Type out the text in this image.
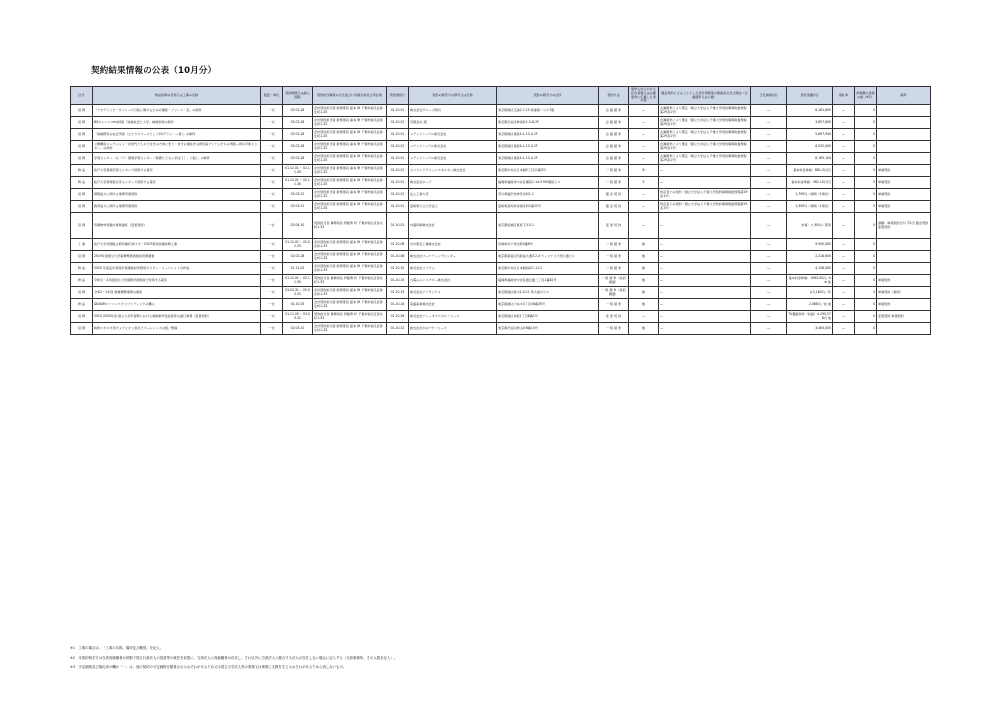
契約結果情報の公表（10月分）
区分	物品役務の名称又は工事の名称	数量・単位	契約期間又は納入期限	契約担当職員の氏名並びに所属名称及び所在地	契約締結日	契約の相手方の商号又は名称	契約の相手方の住所	契約方法	競争入札における応札者数又は企画競争に応募した者の数	随意契約によることとした会計規程等の根拠条文及び理由（企画競争又は公募）	予定価格(円)	契約金額(円)	落札率	再就職の役員の数（※2）	備考
役 務	「アカデミック・サイレージ行政に関するための調査・ブリーフ・会」の制作	一式	02.02.28	会計契約担当者 財務部長 藤本 修 千葉市稲毛区弥生町1-33	01.10.01	株式会社グループ関内	東京都港区芝浦2-7-15 新浦第一ビル7階	企 画 競 争	—	企画競争により選定（国立大学法人千葉大学契約事務取扱規程第29条1号）	—	6,181,800	—	0	
役 務	BSキャンパスmy特集「地域社会と大学」映像制作の制作	一式	02.02.28	会計契約担当者 財務部長 藤本 修 千葉市稲毛区弥生町1-33	01.10.01	有限会社 翔	東京都渋谷区神南町1-5-8-2F	企 画 競 争	—	企画競争により選定（国立大学法人千葉大学契約事務取扱規程第29条1号）	—	3,657,600	—	0	
役 務	「地域研究の社会実装（ひとりでコースとしてLGグラム・ー貢）」の制作	一式	02.02.28	会計契約担当者 財務部長 藤本 修 千葉市稲毛区弥生町1-33	01.10.01	メディアノーテル株式会社	東京都港区東新4-1-12-4 2F	企 画 競 争	—	企画競争により選定（国立大学法人千葉大学契約事務取扱規程第29条1号）	—	5,697,944	—	0	
役 務	公開講座セレクション「次世代と人々で生きの方向に至り・自分の道を作る研究室アイテムたちの実践ー貢の平和センター」の制作	一式	02.02.28	会計契約担当者 財務部長 藤本 修 千葉市稲毛区弥生町1-33	01.10.01	メディアノーテル株式会社	東京都港区東新4-1-12-4 2F	企 画 競 争	—	企画競争により選定（国立大学法人千葉大学契約事務取扱規程第29条1号）	—	6,532,400	—	0	
役 務	学習センター・の〈ゾ〉環境学習センター「時間とともに学ぼう！」公転）」の制作	一式	02.02.28	会計契約担当者 財務部長 藤本 修 千葉市稲毛区弥生町1-33	01.10.01	メディアノーテル株式会社	東京都港区東新4-1-12-4 2F	企 画 競 争	—	企画競争により選定（国立大学法人千葉大学契約事務取扱規程第29条1号）	—	8,165,104	—	0	
物 品	松戸大学環境学習センターで使用する電気	一式	01.12.01～ 02.11.30	会計契約担当者 財務部長 藤本 修 千葉市稲毛区弥生町1-33	01.10.01	センランドグリーンエネルギー株式会社	東京都中央区日本橋2丁目11番3号	一 般 競 争	8	—	—	基本料金単価：881.3円/月	—	0	単価契約
物 品	松戸大学環境保全学センターで使用する電気	一式	01.12.01～ 02.11.30	会計契約担当者 財務部長 藤本 修 千葉市稲毛区弥生町1-33	01.10.01	株式会社ホープ	福岡県福岡市中央区薬院1-14-5 MG薬院ビル	一 般 競 争	5	—	—	基本料金単価：562.10円/月	—	0	単価契約
役 務	情報協力に関する業務実施契約	一式	02.03.31	会計契約担当者 財務部長 藤本 修 千葉市稲毛区弥生町1-33	01.10.01	法人工業大学	奈川県藤沢市神奈田町1-1	随 意 契 約	—	特定者との契約（国立大学法人千葉大学契約事務取扱規程第29条1号）	—	1,700円／時間（1単位）	—	0	単価契約
役 務	教育協力に関する業務実施契約	一式	02.03.31	会計契約担当者 財務部長 藤本 修 千葉市稲毛区弥生町1-33	01.10.01	高知県公立大学法人	高知県高知市永国寺町2番22号	随 意 契 約	—	特定者との契約（国立大学法人千葉大学契約事務取扱規程第29条1号）	—	1,500円／時間（1単位）	—	0	単価契約
役 務	印刷物材等搬出業務委託（変更契約）	一式	02.04.30	契約担当者 事務局長 伊藤勇 町 千葉市稲毛区弥生町1-33	01.10.01	内藤印刷株式会社	東京都板橋区東坂下3-5-1	変 更 契 約	—	—	—	計算：大 80円／部等	—	0	請額：単価契約日付 7/1当 随意契約 変更契約
工 事	松戸大学学園総合研究棟(C)Xラボ・CVCF電気設備改修工事	一式	01.12.01～ 02.02.25	会計契約担当者 財務部長 藤本 修 千葉市稲毛区弥生町1-33	01.10.08	吉中電気工事株式会社	茨城県水戸市田原4番6号	一 般 競 争	無	—	—	9,900,000	—	0	
役 務	2019年度国立大学第標準教員施設実務調査	一式	02.02.28	会計契約担当者 財務部長 藤本 修 千葉市稲毛区弥生町1-33	01.10.08	株式会社マーケティングセンター	東京都新宿区西新宿大通3-2-4 ウィステリア西大通ビル	一 般 競 争	無	—	—	2,218,600	—	0	
物 品	2020 年指定年度保学習課施設実務用ポスター・リーフレットの作成	一式	01.11.02	会計契約担当者 財務部長 藤本 修 千葉市稲毛区弥生町1-33	01.10.10	株式会社リブラム	東京都中央区日本橋浜町1-11-2	一 般 競 争	無	—	—	4,158,000	—	0	
物 品	令和元・2年度国立大学国際学習施設で使用する電気	一式	01.12.01～ 02.11.30	契約担当者 事務局長 伊藤勇 町 千葉市稲毛区弥生町1-33	01.10.15	九電みらいエナジー株式会社	福岡県福岡市中央区渡辺通二丁目1番82号	一 般 競 争（政府調達）	無	—	—	基本料金単価：1563.00円／kw 他	—	0	単価契約
役 務	令和2～1年度 旅費調整業務の請負	一式	03.03.31～ 05.03.31	会計契約担当者 財務部長 藤本 修 千葉市稲毛区弥生町1-33	01.10.15	株式会社アイサンクス	東京都港区新川1-4-11 西大森川ビル	一 般 競 争（政府調達）	無	—	—	＠2,164円／件	—	0	単価契約（税別）
物 品	DDXAMパソコンスクリプトディスクの購入	一式	01.10.25	会計契約担当者 財務部長 藤本 修 千葉市稲毛区弥生町1-33	01.10.24	斎藤産業株式会社	東京都港区六本木3丁目16番35号	一 般 競 争	無	—	—	2,468円／枚 他	—	0	単価契約
役 務	2019-2020年度 国立大学学習際における資格制作包括保育の遂行業務（変更契約）	一式	01.11.05～ 03.03.31	契約担当者 事務局長 伊藤勇 町 千葉市稲毛区弥生町1-33	01.10.26	株式会社テレータクニカルソリーズ	東京都港区赤坂1丁目6番1号	変 更 契 約	—	—	—	TV番組制作（収録）A 295,578円 他	—	0	変更契約 単価契約
役 務	映像スタジオ用カメラリモン雲台とズームレンズの組／整備	一式	02.03.10	会計契約担当者 財務部長 藤本 修 千葉市稲毛区弥生町1-33	01.10.31	株式会社やのテクノリーズ	東京都渋谷区神山町6番14号	一 般 競 争	無	—	—	3,465,000	—	0	
※1　工事の場合は、「工事の名称、場所及び種別」を記入。
※2　本契約相手方は当該再就職者が常勤で独立行政法人の役員等の就任を前提に、当該法人に再就職者が存在し、それ以外に当該法人と競合する法人が存在しない場合に記入する（当該事務所、その人数を記入）。
※3　予定価格及び落札率の欄が「－」は、他の契約の予定価格を類推されるおそれがあるため又は国立大学法人等の業務又は事業に支障を生じるおそれがあるため公表しないもの。
